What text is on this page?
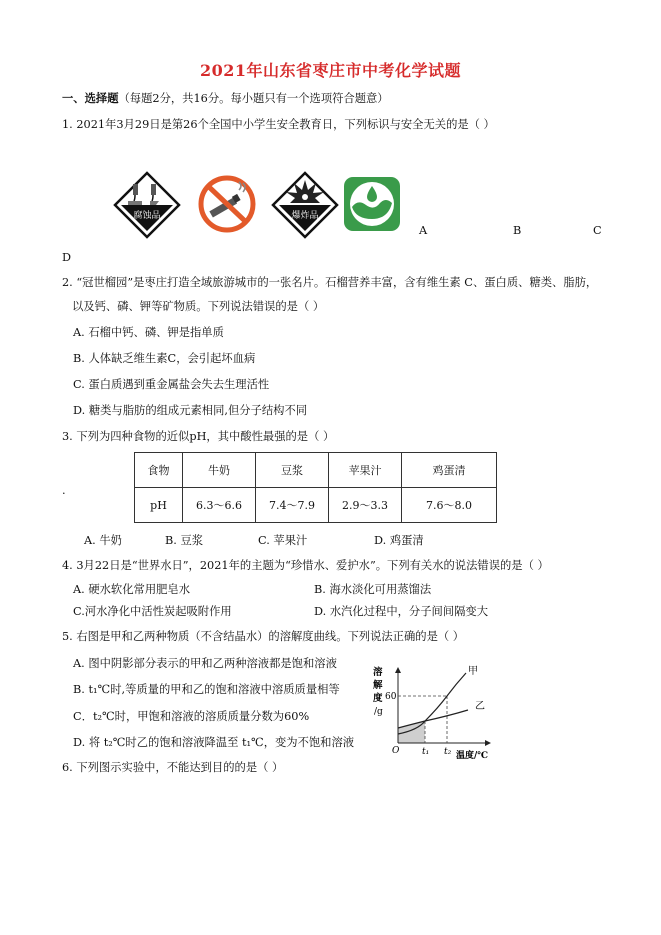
2021年山东省枣庄市中考化学试题
一、选择题（每题2分，共16分。每小题只有一个选项符合题意）
1. 2021年3月29日是第26个全国中小学生安全教育日，下列标识与安全无关的是（ ）
腐蚀品	爆炸品
A	B	C
D
2. “冠世榴园”是枣庄打造全域旅游城市的一张名片。石榴营养丰富，含有维生素 C、蛋白质、糖类、脂肪，
以及钙、磷、钾等矿物质。下列说法错误的是（ ）
A. 石榴中钙、磷、钾是指单质
B. 人体缺乏维生素C，会引起坏血病
C. 蛋白质遇到重金属盐会失去生理活性
D. 糖类与脂肪的组成元素相同,但分子结构不同
3. 下列为四种食物的近似pH，其中酸性最强的是（ ）
食物	牛奶	豆浆	苹果汁	鸡蛋清
pH	6.3～6.6	7.4～7.9	2.9～3.3	7.6～8.0
.
A. 牛奶	B. 豆浆	C. 苹果汁	D. 鸡蛋清
4. 3月22日是“世界水日”，2021年的主题为“珍惜水、爱护水”。下列有关水的说法错误的是（ ）
A. 硬水软化常用肥皂水	B. 海水淡化可用蒸馏法
C.河水净化中活性炭起吸附作用	D. 水汽化过程中，分子间间隔变大
5. 右图是甲和乙两种物质（不含结晶水）的溶解度曲线。下列说法正确的是（ ）
A. 图中阴影部分表示的甲和乙两种溶液都是饱和溶液
B. t₁℃时,等质量的甲和乙的饱和溶液中溶质质量相等
C．t₂℃时，甲饱和溶液的溶质质量分数为60%
D. 将 t₂℃时乙的饱和溶液降温至 t₁℃，变为不饱和溶液
溶
解
度 60
/g
O	t₁ t₂ 温度/℃
甲
乙
6. 下列图示实验中，不能达到目的的是（ ）
